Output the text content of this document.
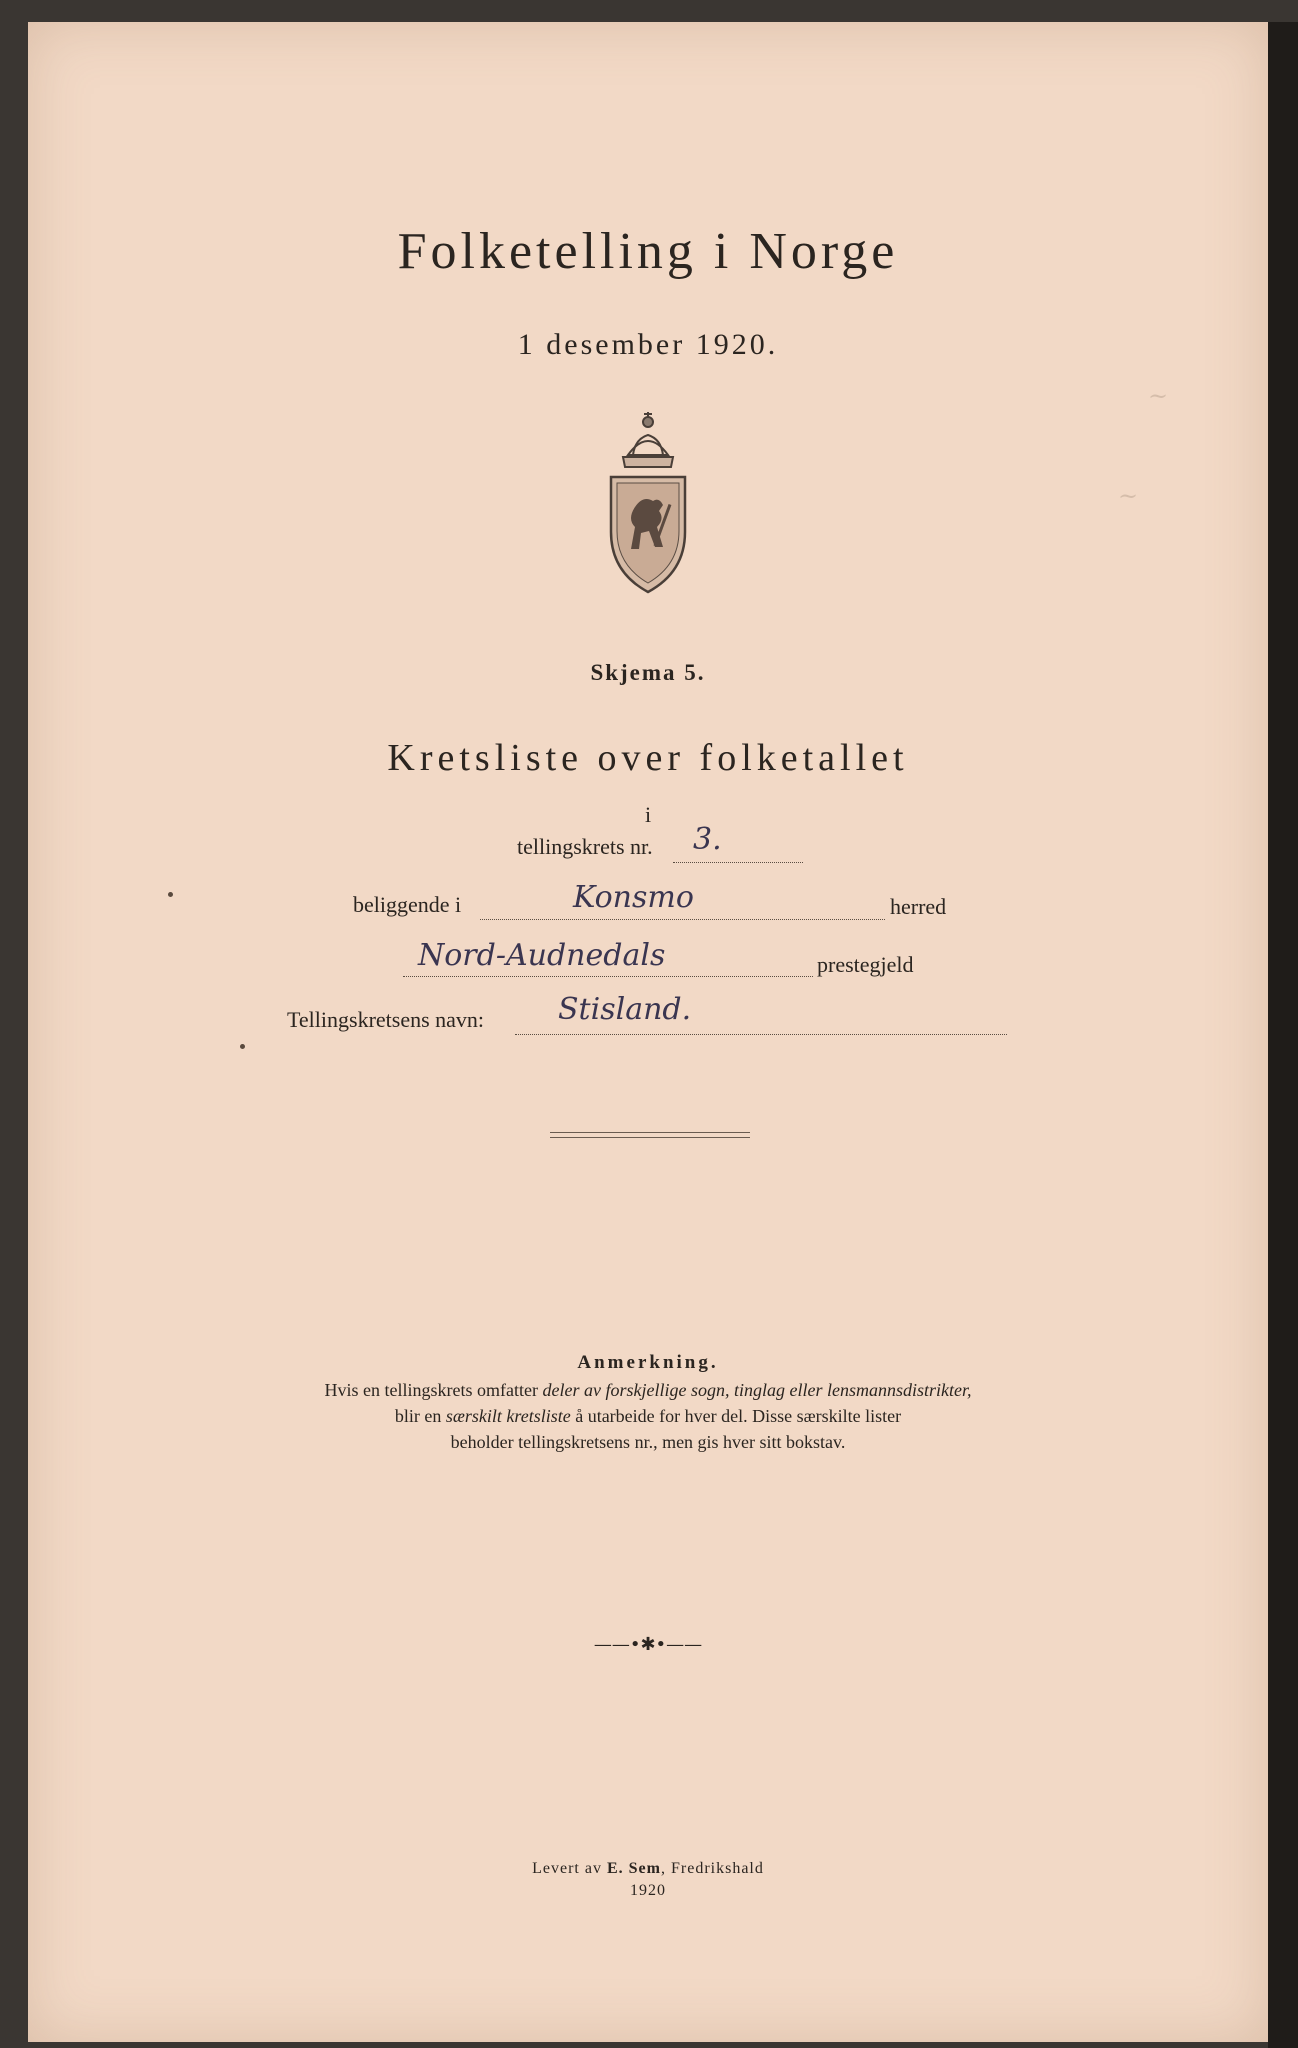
~
~
Folketelling i Norge
1 desember 1920.
Skjema 5.
Kretsliste over folketallet
i
tellingskrets nr. 3.
beliggende i	Konsmo	herred
Nord-Audnedals	prestegjeld
Tellingskretsens navn: Stisland.
Anmerkning.
Hvis en tellingskrets omfatter deler av forskjellige sogn, tinglag eller lensmannsdistrikter,
blir en særskilt kretsliste å utarbeide for hver del. Disse særskilte lister
beholder tellingskretsens nr., men gis hver sitt bokstav.
——•✱•——
Levert av E. Sem, Fredrikshald
1920
